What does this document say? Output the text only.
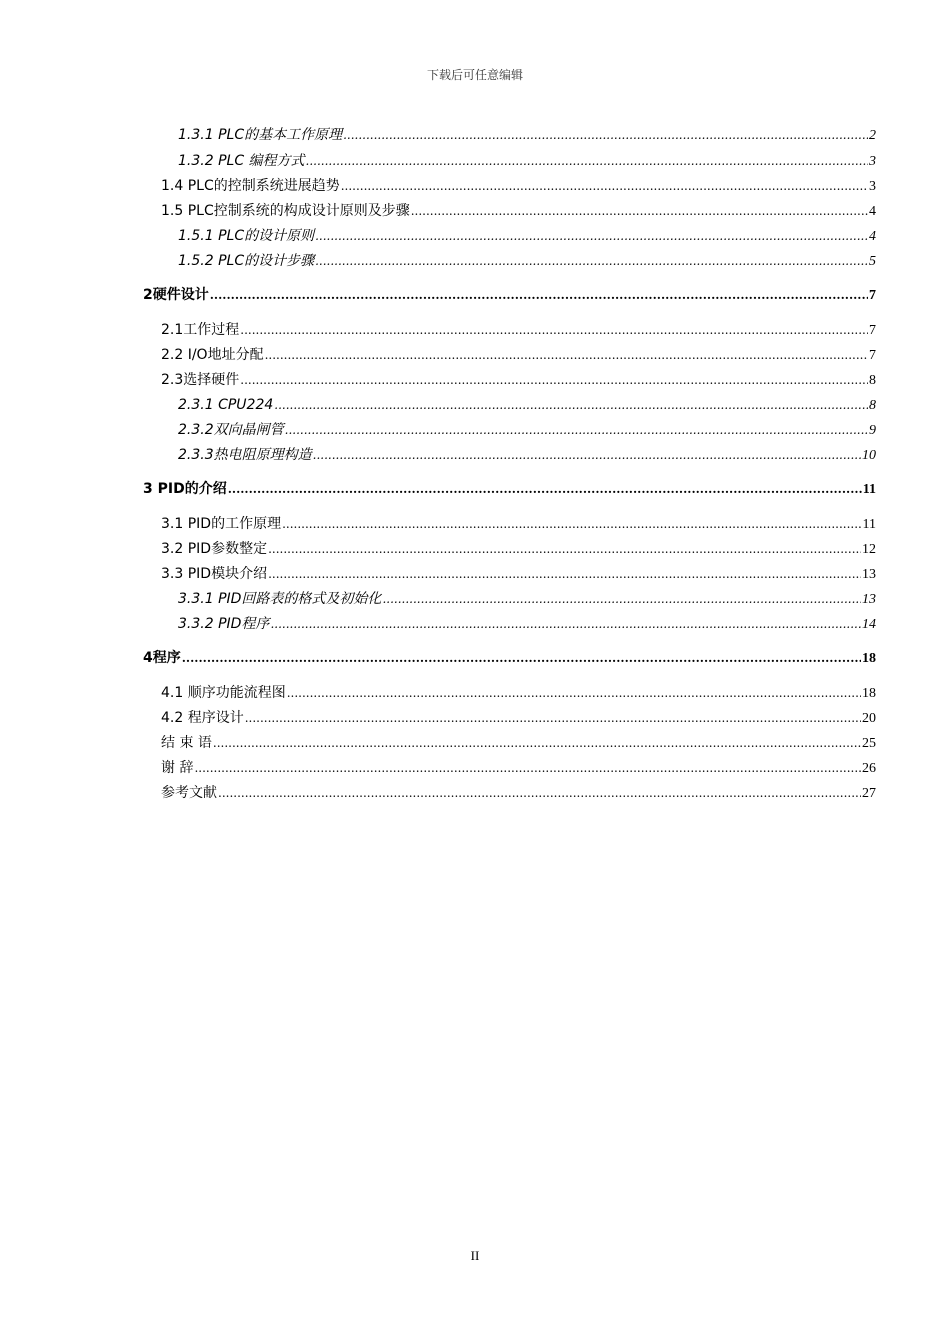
下载后可任意编辑
1.3.1 PLC的基本工作原理 .....	2
1.3.2 PLC 编程方式 .....	3
1.4 PLC的控制系统进展趋势 .....	3
1.5 PLC控制系统的构成设计原则及步骤 .....	4
1.5.1 PLC的设计原则 .....	4
1.5.2 PLC的设计步骤 .....	5
2硬件设计 .....	7
2.1工作过程 .....	7
2.2 I/O地址分配 .....	7
2.3选择硬件 .....	8
2.3.1 CPU224 .....	8
2.3.2双向晶闸管 .....	9
2.3.3热电阻原理构造 .....	10
3 PID的介绍 .....	11
3.1 PID的工作原理 .....	11
3.2 PID参数整定 .....	12
3.3 PID模块介绍 .....	13
3.3.1 PID回路表的格式及初始化 .....	13
3.3.2 PID程序 .....	14
4程序 .....	18
4.1 顺序功能流程图 .....	18
4.2 程序设计 .....	20
结 束 语 .....	25
谢 辞 .....	26
参考文献 .....	27
II
